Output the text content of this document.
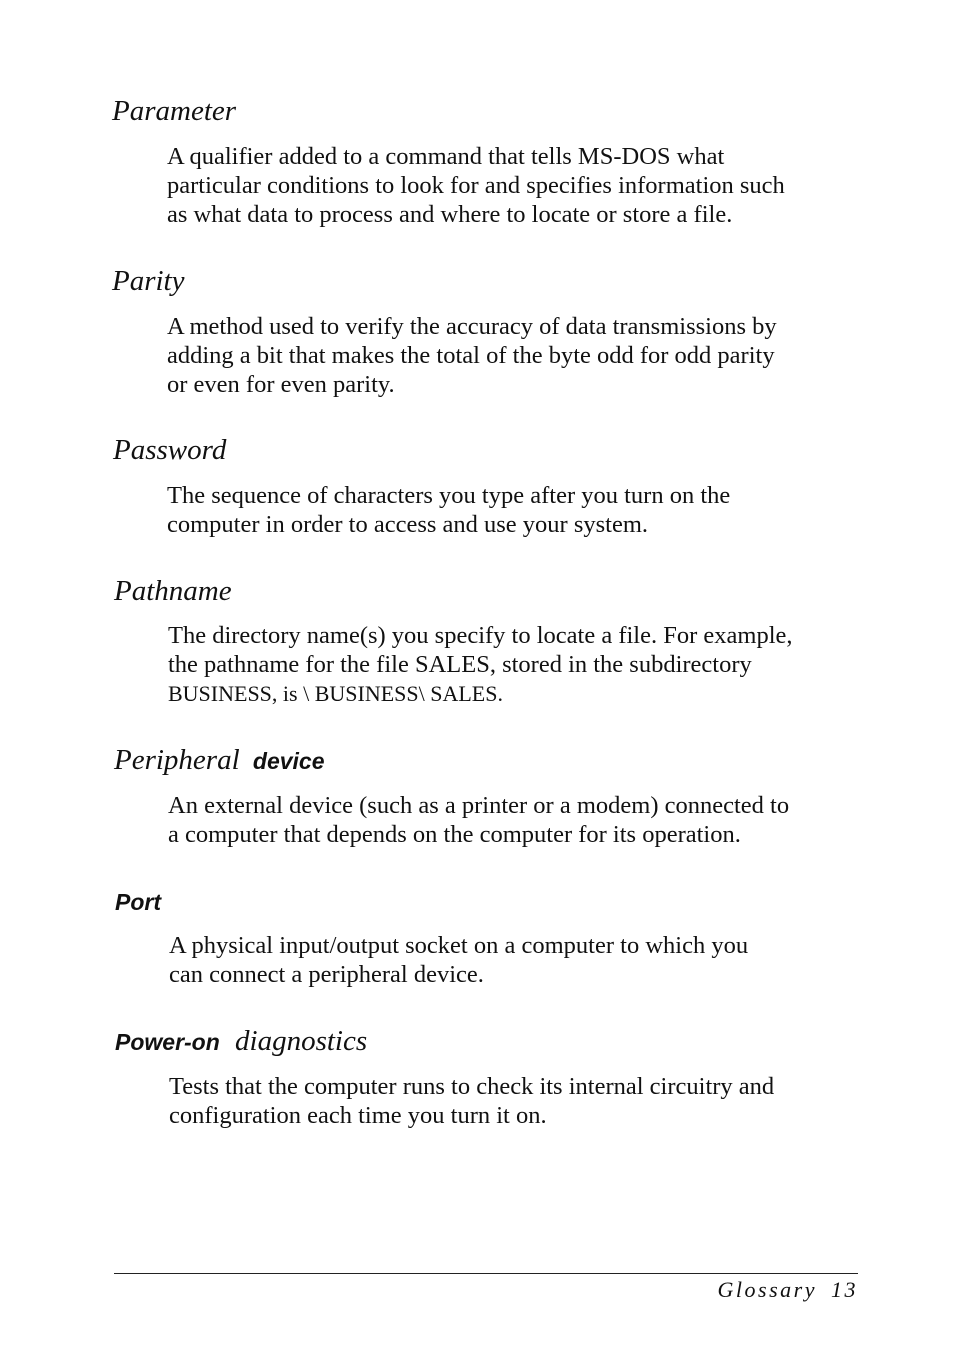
Parameter

A qualifier added to a command that tells MS-DOS what
particular conditions to look for and specifies information such
as what data to process and where to locate or store a file.

Parity

A method used to verify the accuracy of data transmissions by
adding a bit that makes the total of the byte odd for odd parity
or even for even parity.

Password

The sequence of characters you type after you turn on the
computer in order to access and use your system.

Pathname

The directory name(s) you specify to locate a file. For example,
the pathname for the file SALES, stored in the subdirectory
BUSINESS, is \ BUSINESS\ SALES.

Peripheral device

An external device (such as a printer or a modem) connected to
a computer that depends on the computer for its operation.

Port

A physical input/output socket on a computer to which you
can connect a peripheral device.

Power-on diagnostics

Tests that the computer runs to check its internal circuitry and
configuration each time you turn it on.

Glossary 13
